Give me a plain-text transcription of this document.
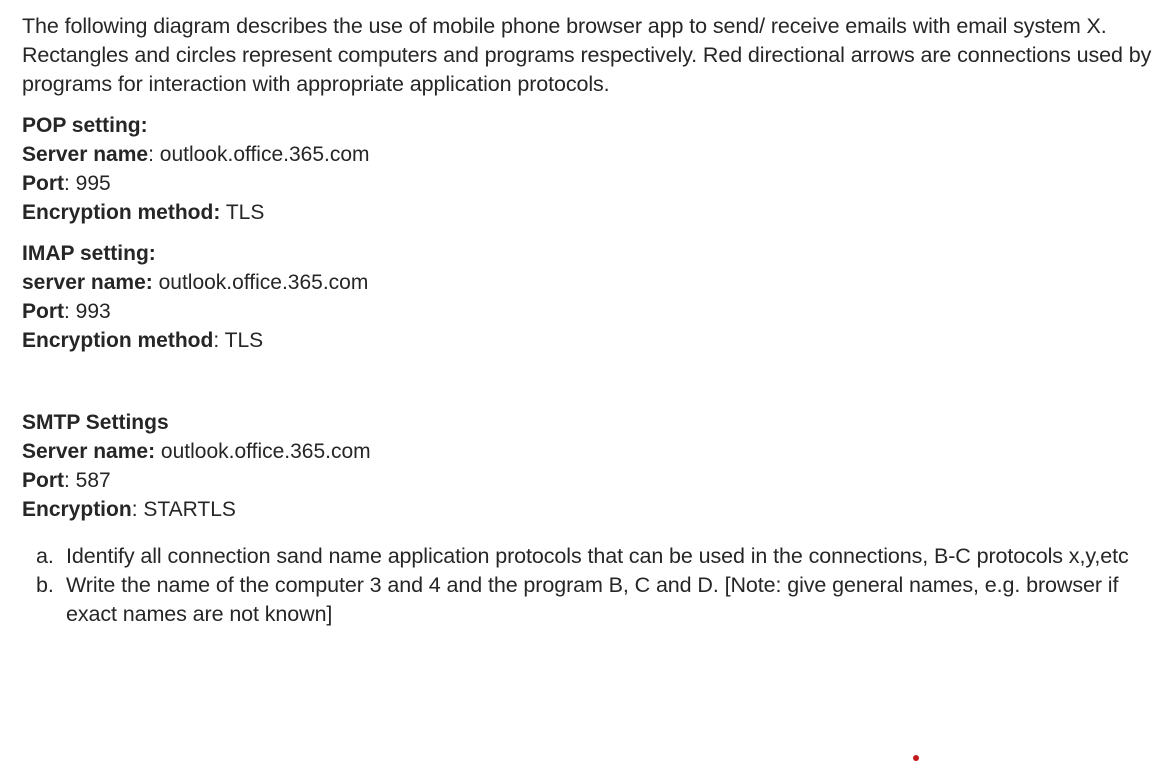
The following diagram describes the use of mobile phone browser app to send/ receive emails with email system X. Rectangles and circles represent computers and programs respectively. Red directional arrows are connections used by programs for interaction with appropriate application protocols.

POP setting:
Server name: outlook.office.365.com
Port: 995
Encryption method: TLS
IMAP setting:
server name: outlook.office.365.com
Port: 993
Encryption method: TLS
SMTP Settings
Server name: outlook.office.365.com
Port: 587
Encryption: STARTLS
a. Identify all connection sand name application protocols that can be used in the connections, B-C protocols x,y,etc
b. Write the name of the computer 3 and 4 and the program B, C and D. [Note: give general names, e.g. browser if exact names are not known]
